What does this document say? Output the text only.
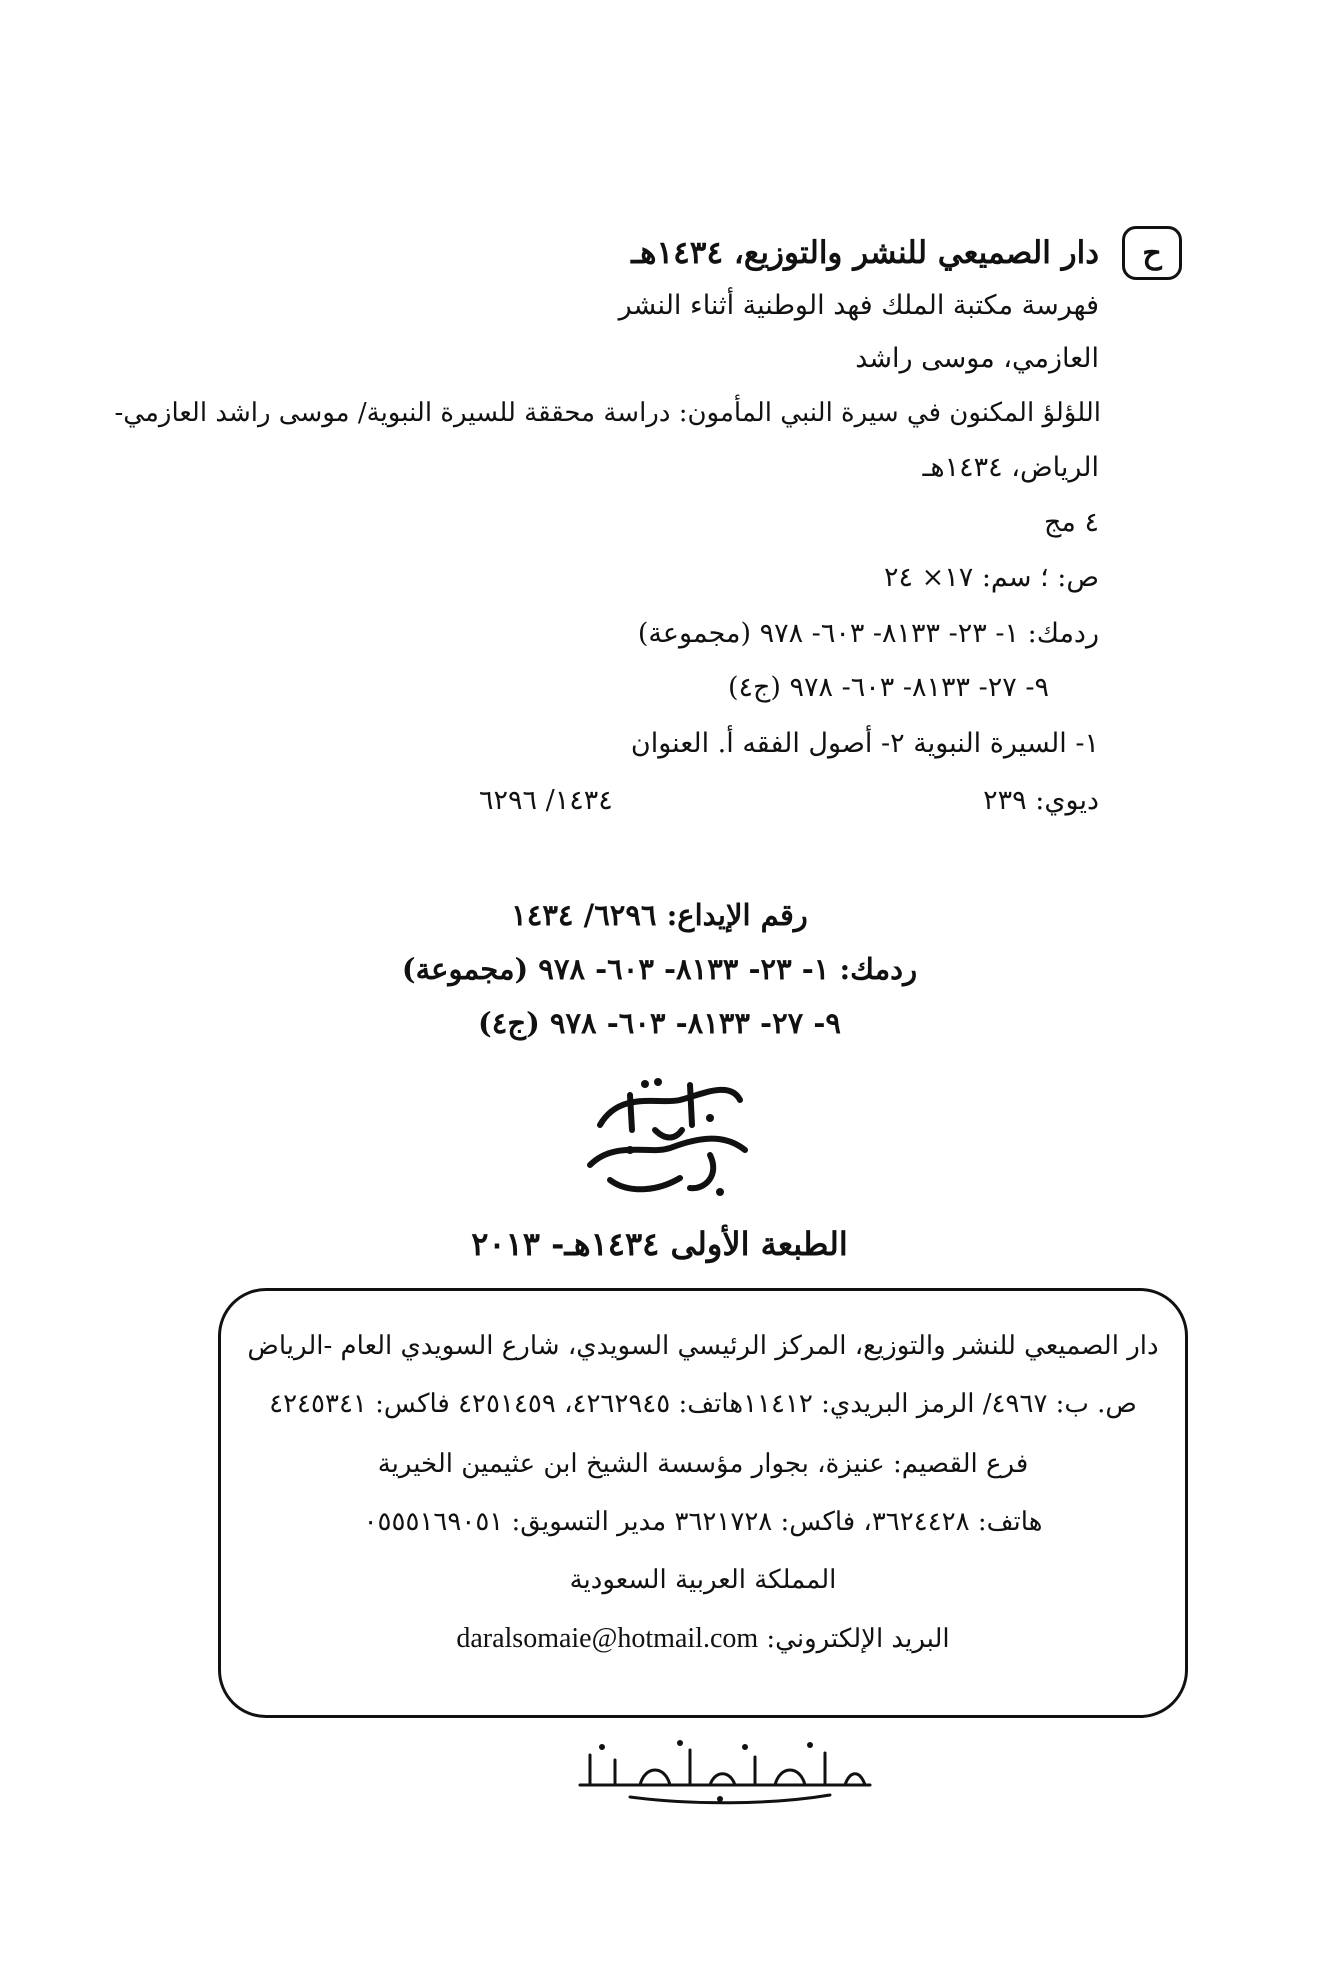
ح
دار الصميعي للنشر والتوزيع، ١٤٣٤هـ
فهرسة مكتبة الملك فهد الوطنية أثناء النشر
العازمي، موسى راشد
اللؤلؤ المكنون في سيرة النبي المأمون: دراسة محققة للسيرة النبوية/ موسى راشد العازمي-
الرياض، ١٤٣٤هـ
٤ مج
ص: ؛ سم: ١٧× ٢٤
ردمك: ١- ٢٣- ٨١٣٣- ٦٠٣- ٩٧٨ (مجموعة)
٩- ٢٧- ٨١٣٣- ٦٠٣- ٩٧٨ (ج٤)
١- السيرة النبوية ٢- أصول الفقه أ. العنوان
ديوي: ٢٣٩
١٤٣٤/ ٦٢٩٦
رقم الإيداع: ٦٢٩٦/ ١٤٣٤
ردمك: ١- ٢٣- ٨١٣٣- ٦٠٣- ٩٧٨ (مجموعة)
٩- ٢٧- ٨١٣٣- ٦٠٣- ٩٧٨ (ج٤)
الطبعة الأولى ١٤٣٤هـ- ٢٠١٣
دار الصميعي للنشر والتوزيع، المركز الرئيسي السويدي، شارع السويدي العام -الرياض
ص. ب: ٤٩٦٧/ الرمز البريدي: ١١٤١٢هاتف: ٤٢٦٢٩٤٥، ٤٢٥١٤٥٩ فاكس: ٤٢٤٥٣٤١
فرع القصيم: عنيزة، بجوار مؤسسة الشيخ ابن عثيمين الخيرية
هاتف: ٣٦٢٤٤٢٨، فاكس: ٣٦٢١٧٢٨ مدير التسويق: ٠٥٥٥١٦٩٠٥١
المملكة العربية السعودية
البريد الإلكتروني: daralsomaie@hotmail.com
